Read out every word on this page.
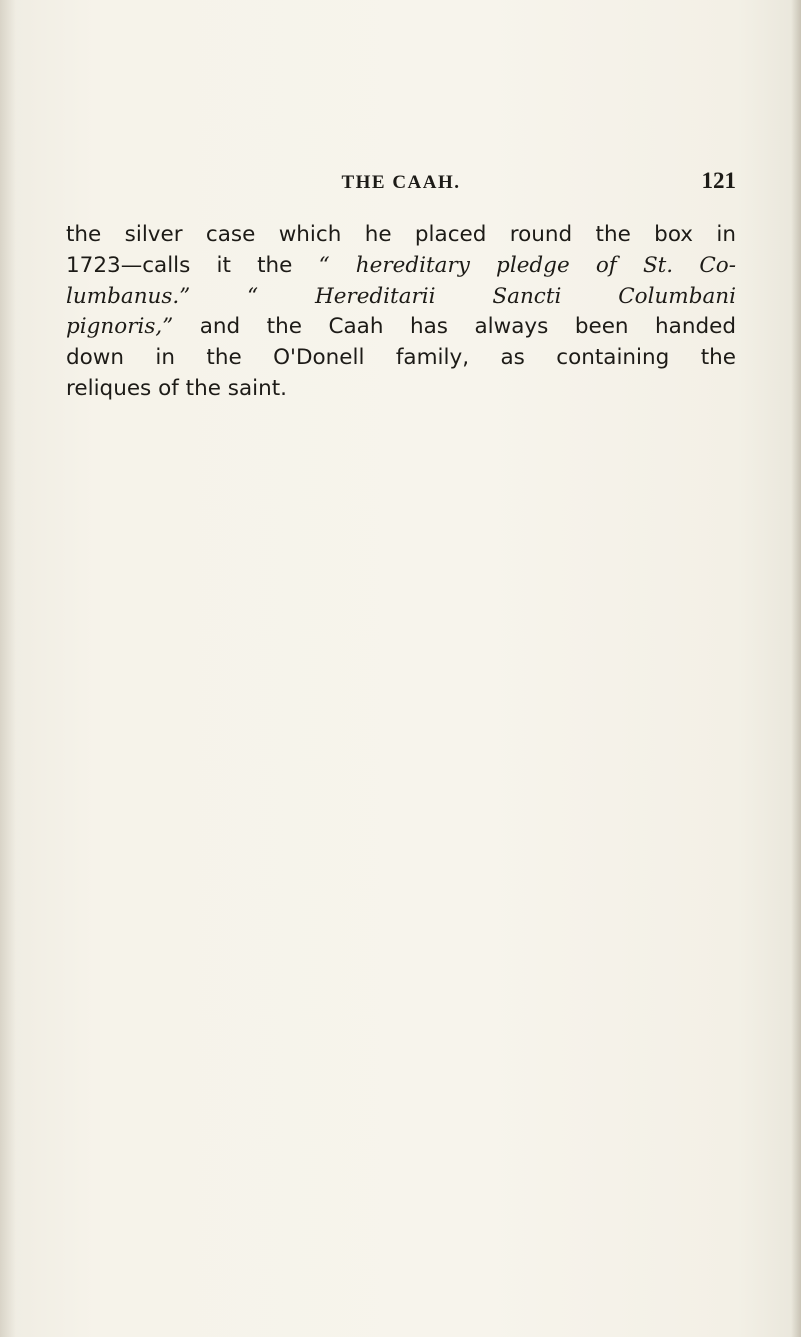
THE CAAH.	121
the silver case which he placed round the box in
1723—calls it the “ hereditary pledge of St. Co-
lumbanus.”	“ Hereditarii Sancti Columbani
pignoris,” and the Caah has always been handed
down in the O'Donell family, as containing the
reliques of the saint.
